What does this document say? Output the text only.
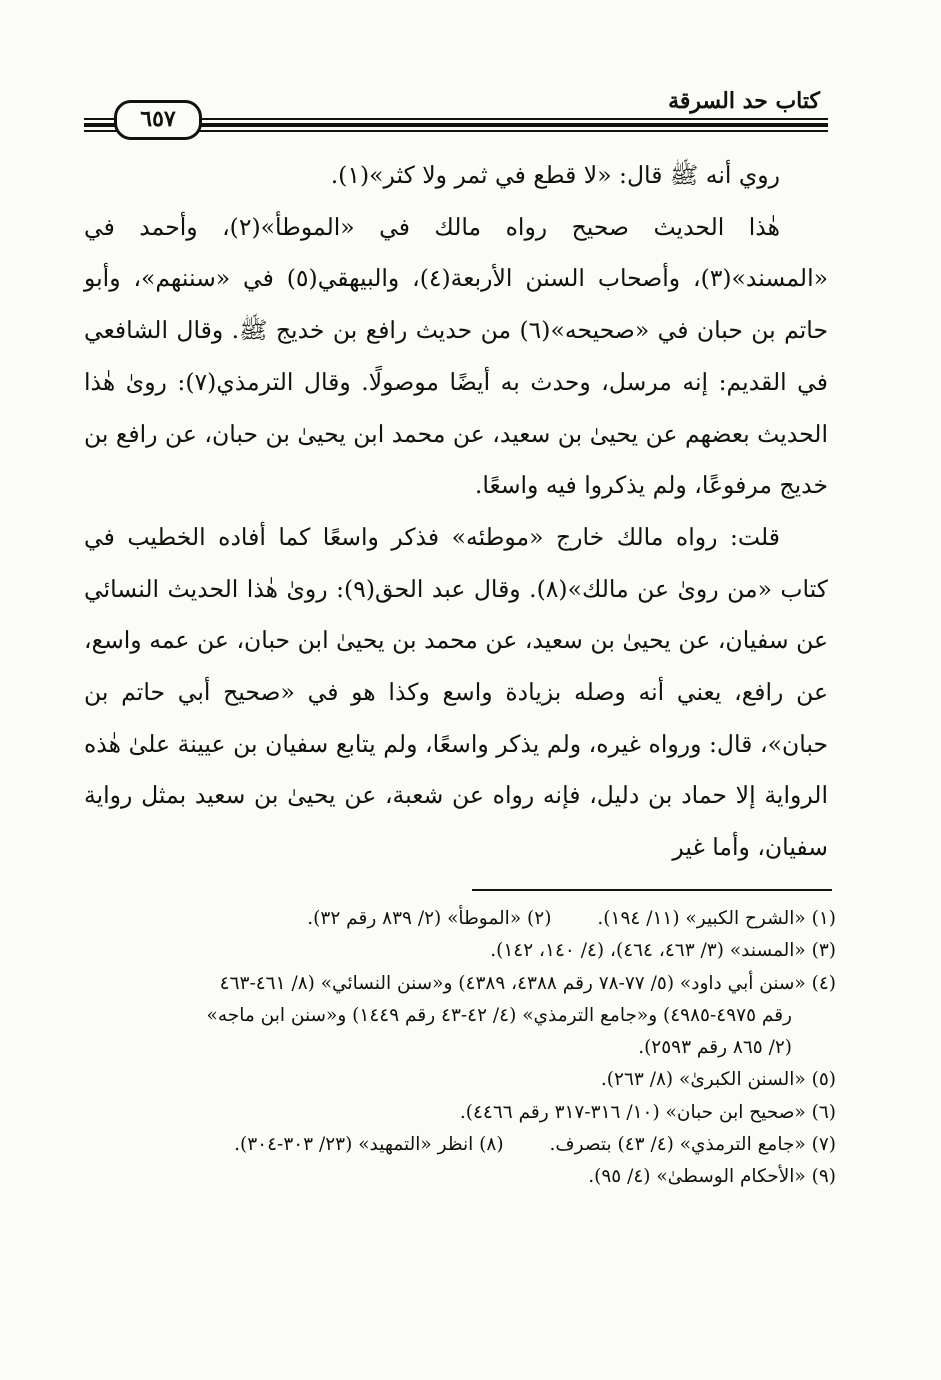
كتاب حد السرقة
٦٥٧

روي أنه ﷺ قال: «لا قطع في ثمر ولا كثر»(١).

هٰذا الحديث صحيح رواه مالك في «الموطأ»(٢)، وأحمد في «المسند»(٣)، وأصحاب السنن الأربعة(٤)، والبيهقي(٥) في «سننهم»، وأبو حاتم بن حبان في «صحيحه»(٦) من حديث رافع بن خديج ﷺ. وقال الشافعي في القديم: إنه مرسل، وحدث به أيضًا موصولًا. وقال الترمذي(٧): روىٰ هٰذا الحديث بعضهم عن يحيىٰ بن سعيد، عن محمد ابن يحيىٰ بن حبان، عن رافع بن خديج مرفوعًا، ولم يذكروا فيه واسعًا.

قلت: رواه مالك خارج «موطئه» فذكر واسعًا كما أفاده الخطيب في كتاب «من روىٰ عن مالك»(٨). وقال عبد الحق(٩): روىٰ هٰذا الحديث النسائي عن سفيان، عن يحيىٰ بن سعيد، عن محمد بن يحيىٰ ابن حبان، عن عمه واسع، عن رافع، يعني أنه وصله بزيادة واسع وكذا هو في «صحيح أبي حاتم بن حبان»، قال: ورواه غيره، ولم يذكر واسعًا، ولم يتابع سفيان بن عيينة علىٰ هٰذه الرواية إلا حماد بن دليل، فإنه رواه عن شعبة، عن يحيىٰ بن سعيد بمثل رواية سفيان، وأما غير

(١) «الشرح الكبير» (١١/ ١٩٤).(٢) «الموطأ» (٢/ ٨٣٩ رقم ٣٢).
(٣) «المسند» (٣/ ٤٦٣، ٤٦٤)، (٤/ ١٤٠، ١٤٢).
(٤) «سنن أبي داود» (٥/ ٧٧-٧٨ رقم ٤٣٨٨، ٤٣٨٩) و«سنن النسائي» (٨/ ٤٦١-٤٦٣
رقم ٤٩٧٥-٤٩٨٥) و«جامع الترمذي» (٤/ ٤٢-٤٣ رقم ١٤٤٩) و«سنن ابن ماجه»
(٢/ ٨٦٥ رقم ٢٥٩٣).
(٥) «السنن الكبرىٰ» (٨/ ٢٦٣).
(٦) «صحيح ابن حبان» (١٠/ ٣١٦-٣١٧ رقم ٤٤٦٦).
(٧) «جامع الترمذي» (٤/ ٤٣) بتصرف.(٨) انظر «التمهيد» (٢٣/ ٣٠٣-٣٠٤).
(٩) «الأحكام الوسطىٰ» (٤/ ٩٥).
